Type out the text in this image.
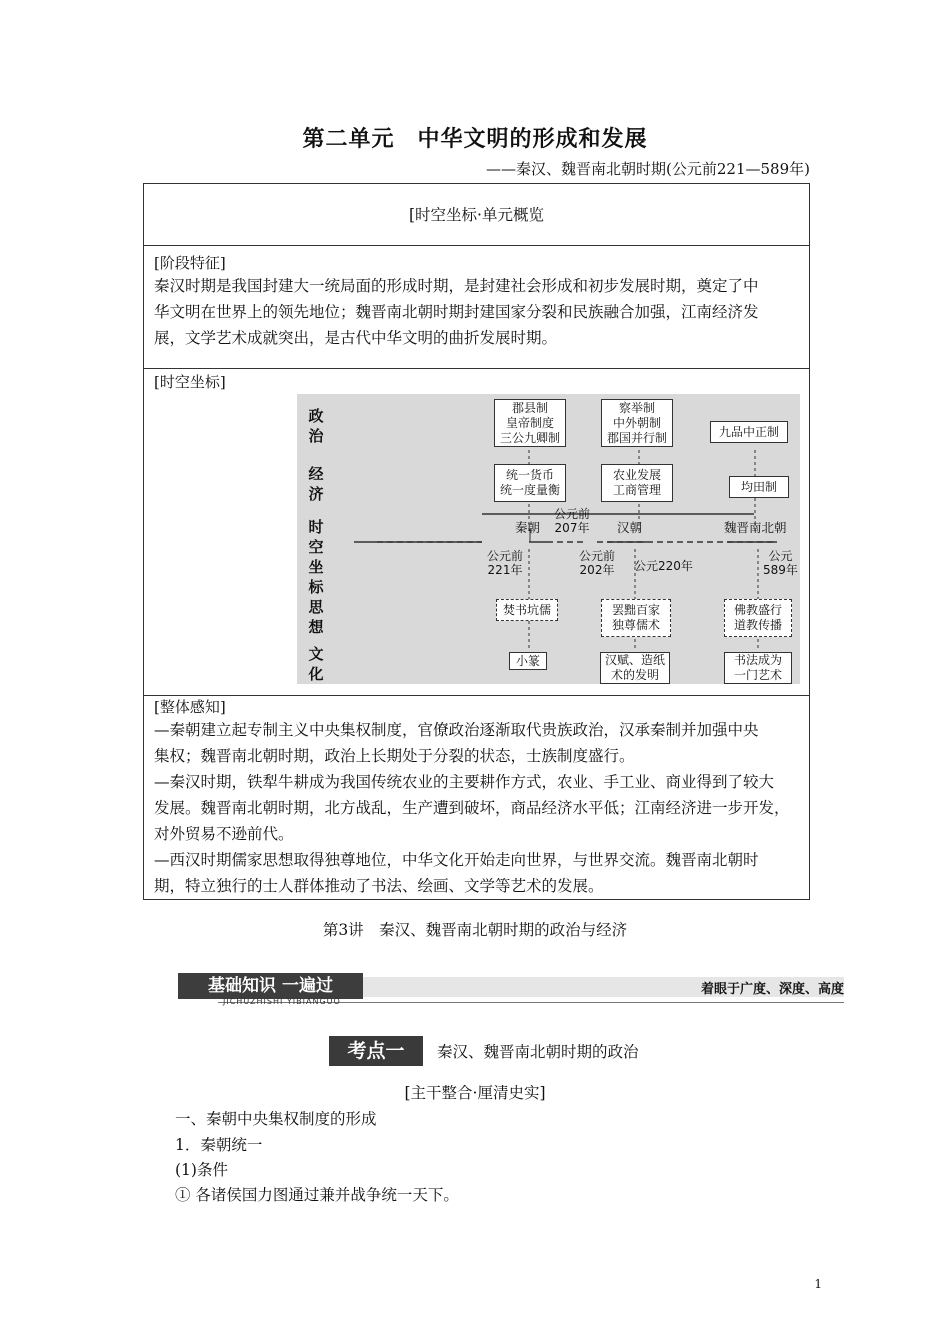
第二单元　中华文明的形成和发展
——秦汉、魏晋南北朝时期(公元前221—589年)
[时空坐标·单元概览
[阶段特征]
秦汉时期是我国封建大一统局面的形成时期，是封建社会形成和初步发展时期，奠定了中
华文明在世界上的领先地位；魏晋南北朝时期封建国家分裂和民族融合加强，江南经济发
展，文学艺术成就突出，是古代中华文明的曲折发展时期。
[时空坐标]
政
治
经
济
时
空
坐
标
思
想
文
化
郡县制
皇帝制度
三公九卿制
察举制
中外朝制
郡国并行制	九品中正制
统一货币
统一度量衡
农业发展
工商管理	均田制
秦朝	汉朝	魏晋南北朝
公元前
207年
公元前
221年
公元前
202年 公元220年
公元
589年
焚书坑儒	罢黜百家
独尊儒术
佛教盛行
道教传播
小篆	汉赋、造纸
术的发明
书法成为
一门艺术
[整体感知]
—秦朝建立起专制主义中央集权制度，官僚政治逐渐取代贵族政治，汉承秦制并加强中央
集权；魏晋南北朝时期，政治上长期处于分裂的状态，士族制度盛行。
—秦汉时期，铁犁牛耕成为我国传统农业的主要耕作方式，农业、手工业、商业得到了较大
发展。魏晋南北朝时期，北方战乱，生产遭到破坏，商品经济水平低；江南经济进一步开发，
对外贸易不逊前代。
—西汉时期儒家思想取得独尊地位，中华文化开始走向世界，与世界交流。魏晋南北朝时
期，特立独行的士人群体推动了书法、绘画、文学等艺术的发展。
第3讲　秦汉、魏晋南北朝时期的政治与经济
基础知识 一遍过	着眼于广度、深度、高度
JICHUZHISHI YIBIANGUO
考点一	秦汉、魏晋南北朝时期的政治
[主干整合·厘清史实]
一、秦朝中央集权制度的形成
1．秦朝统一
(1)条件
① 各诸侯国力图通过兼并战争统一天下。
1
